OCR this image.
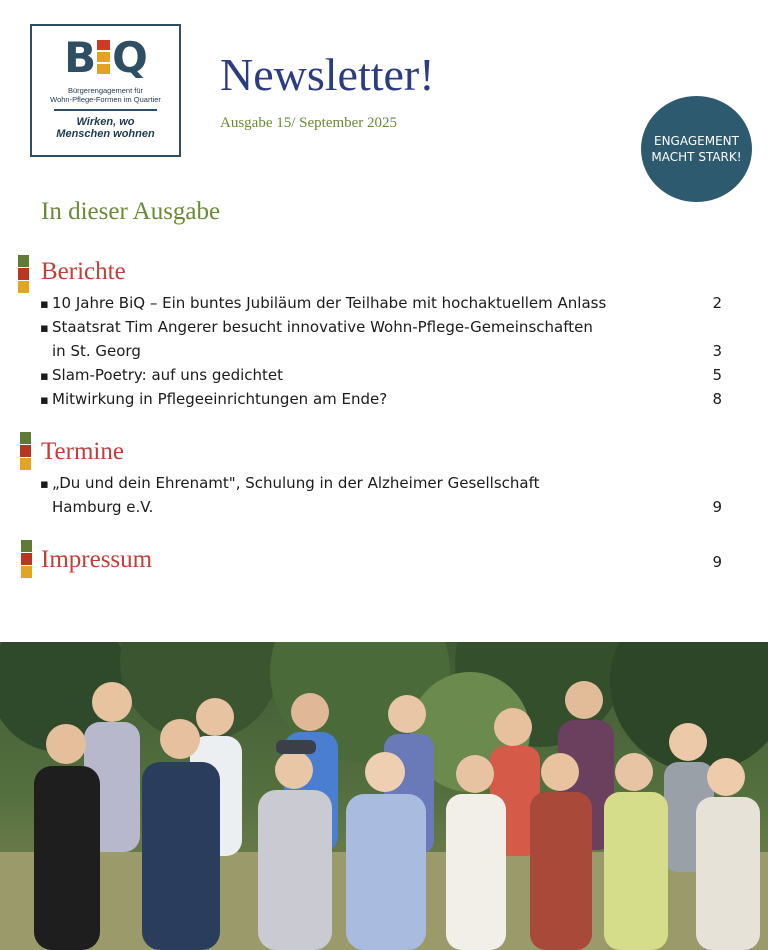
B Q
Bürgerengagement für
Wohn-Pflege-Formen im Quartier
Wirken, wo
Menschen wohnen
Newsletter!
Ausgabe 15/ September 2025
ENGAGEMENT MACHT STARK!
In dieser Ausgabe
Berichte
▪ 10 Jahre BiQ – Ein buntes Jubiläum der Teilhabe mit hochaktuellem Anlass	2
▪ Staatsrat Tim Angerer besucht innovative Wohn-Pflege-Gemeinschaften
in St. Georg	3
▪ Slam-Poetry: auf uns gedichtet	5
▪ Mitwirkung in Pflegeeinrichtungen am Ende?	8
Termine
▪ „Du und dein Ehrenamt", Schulung in der Alzheimer Gesellschaft
Hamburg e.V.	9
Impressum	9
